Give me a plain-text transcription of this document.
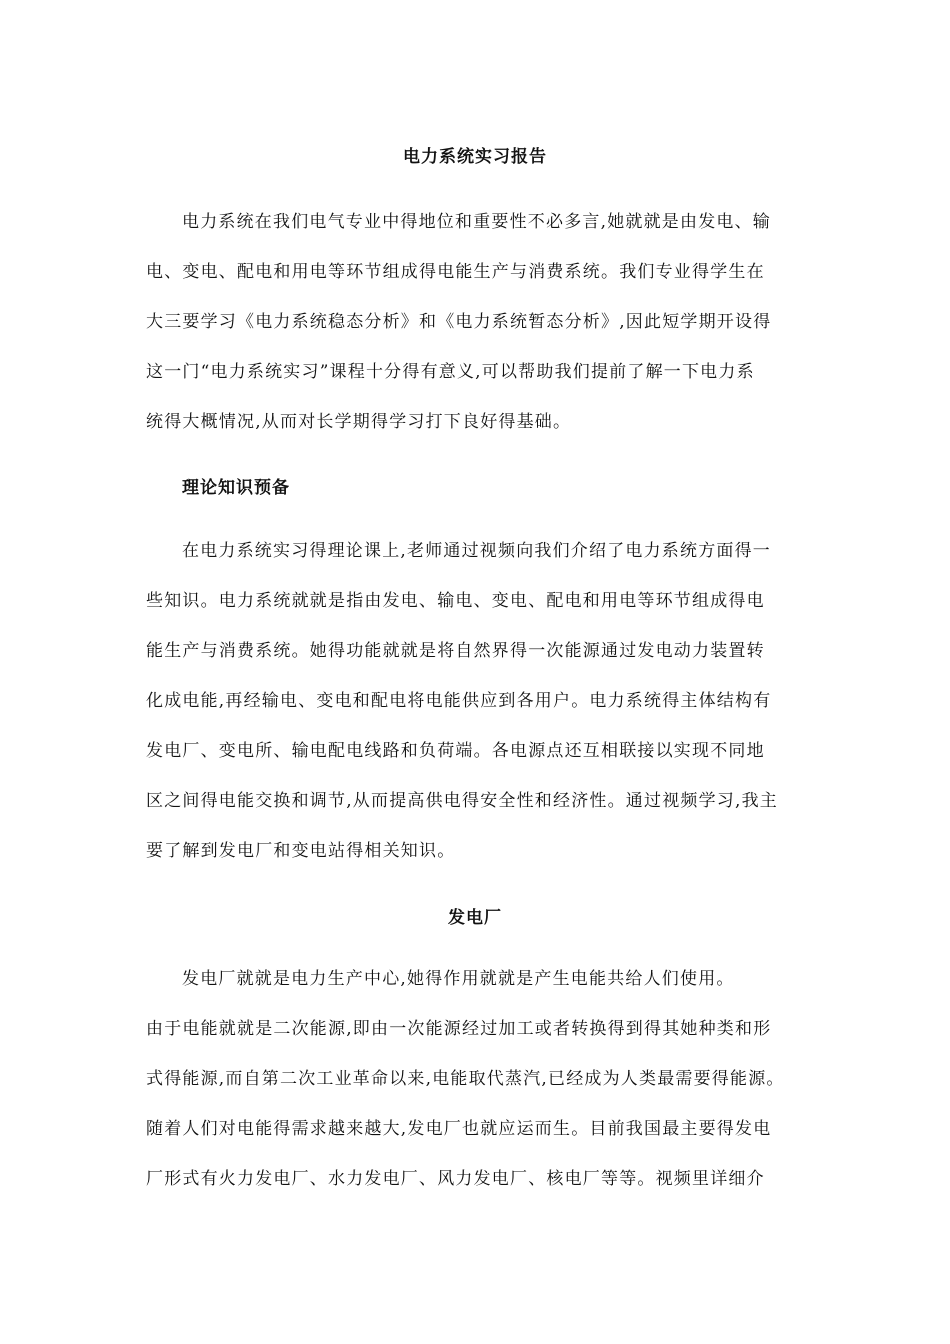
电力系统实习报告
电力系统在我们电气专业中得地位和重要性不必多言,她就就是由发电、输
电、变电、配电和用电等环节组成得电能生产与消费系统。我们专业得学生在
大三要学习《电力系统稳态分析》和《电力系统暂态分析》,因此短学期开设得
这一门“电力系统实习”课程十分得有意义,可以帮助我们提前了解一下电力系
统得大概情况,从而对长学期得学习打下良好得基础。
理论知识预备
在电力系统实习得理论课上,老师通过视频向我们介绍了电力系统方面得一
些知识。电力系统就就是指由发电、输电、变电、配电和用电等环节组成得电
能生产与消费系统。她得功能就就是将自然界得一次能源通过发电动力装置转
化成电能,再经输电、变电和配电将电能供应到各用户。电力系统得主体结构有
发电厂、变电所、输电配电线路和负荷端。各电源点还互相联接以实现不同地
区之间得电能交换和调节,从而提高供电得安全性和经济性。通过视频学习,我主
要了解到发电厂和变电站得相关知识。
发电厂
发电厂就就是电力生产中心,她得作用就就是产生电能共给人们使用。
由于电能就就是二次能源,即由一次能源经过加工或者转换得到得其她种类和形
式得能源,而自第二次工业革命以来,电能取代蒸汽,已经成为人类最需要得能源。
随着人们对电能得需求越来越大,发电厂也就应运而生。目前我国最主要得发电
厂形式有火力发电厂、水力发电厂、风力发电厂、核电厂等等。视频里详细介
